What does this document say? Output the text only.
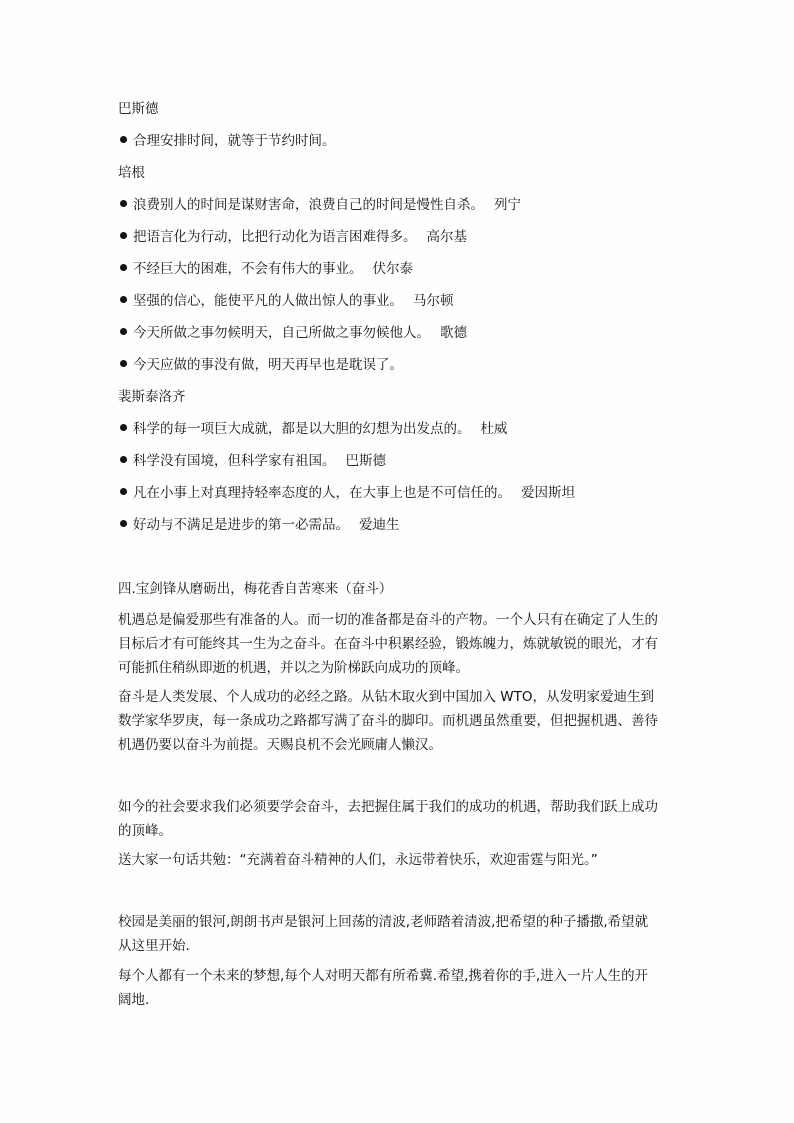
巴斯德
合理安排时间，就等于节约时间。
培根
浪费别人的时间是谋财害命，浪费自己的时间是慢性自杀。 列宁
把语言化为行动，比把行动化为语言困难得多。 高尔基
不经巨大的困难，不会有伟大的事业。 伏尔泰
坚强的信心，能使平凡的人做出惊人的事业。 马尔顿
今天所做之事勿候明天，自己所做之事勿候他人。 歌德
今天应做的事没有做，明天再早也是耽误了。
裴斯泰洛齐
科学的每一项巨大成就，都是以大胆的幻想为出发点的。 杜威
科学没有国境，但科学家有祖国。 巴斯德
凡在小事上对真理持轻率态度的人，在大事上也是不可信任的。 爱因斯坦
好动与不满足是进步的第一必需品。 爱迪生
四.宝剑锋从磨砺出，梅花香自苦寒来（奋斗）
机遇总是偏爱那些有准备的人。而一切的准备都是奋斗的产物。一个人只有在确定了人生的
目标后才有可能终其一生为之奋斗。在奋斗中积累经验，锻炼魄力，炼就敏锐的眼光，才有
可能抓住稍纵即逝的机遇，并以之为阶梯跃向成功的顶峰。
奋斗是人类发展、个人成功的必经之路。从钻木取火到中国加入 WTO，从发明家爱迪生到
数学家华罗庚，每一条成功之路都写满了奋斗的脚印。而机遇虽然重要，但把握机遇、善待
机遇仍要以奋斗为前提。天赐良机不会光顾庸人懒汉。
如今的社会要求我们必须要学会奋斗，去把握住属于我们的成功的机遇，帮助我们跃上成功
的顶峰。
送大家一句话共勉：“充满着奋斗精神的人们，永远带着快乐，欢迎雷霆与阳光。”
校园是美丽的银河,朗朗书声是银河上回荡的清波,老师踏着清波,把希望的种子播撒,希望就
从这里开始.
每个人都有一个未来的梦想,每个人对明天都有所希冀.希望,携着你的手,进入一片人生的开
阔地.
